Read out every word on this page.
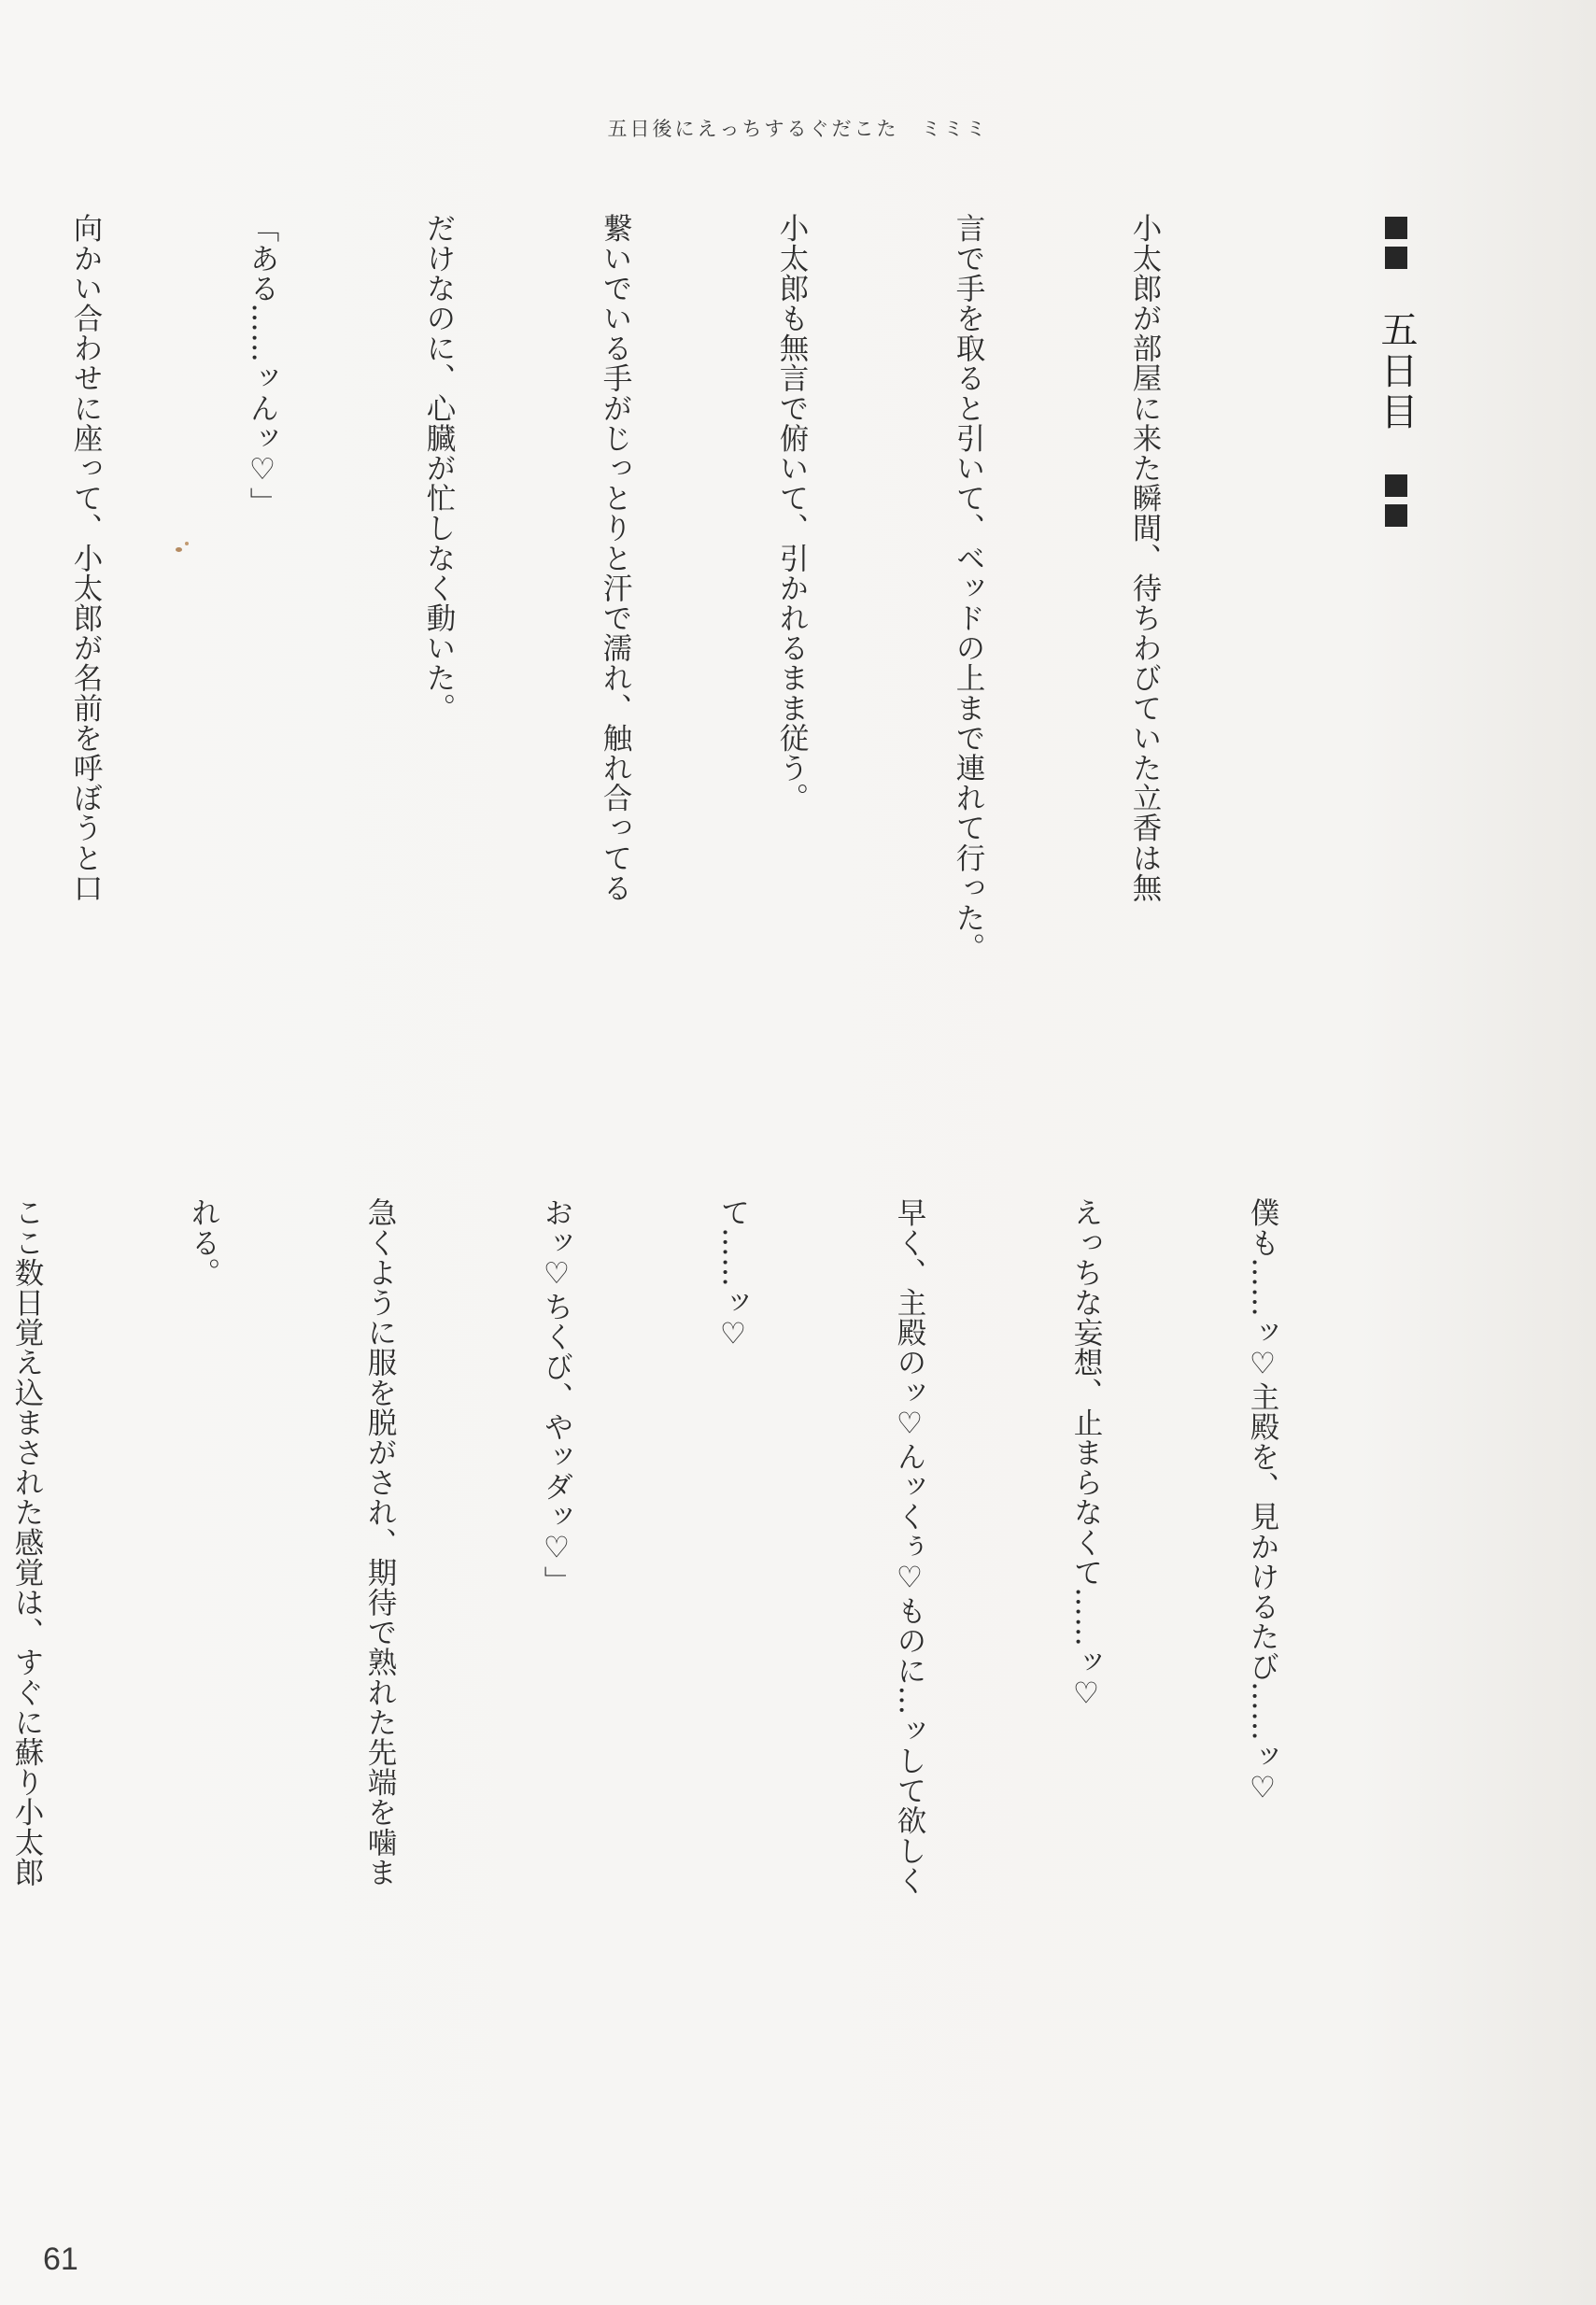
五日後にえっちするぐだこた　ミミミ
五日目

小太郎が部屋に来た瞬間、待ちわびていた立香は無

言で手を取ると引いて、ベッドの上まで連れて行った。

小太郎も無言で俯いて、引かれるまま従う。

繋いでいる手がじっとりと汗で濡れ、触れ合ってる

だけなのに、心臓が忙しなく動いた。

「ある……ッんッ♡」

向かい合わせに座って、小太郎が名前を呼ぼうと口

僕も……ッ♡主殿を、見かけるたび……ッ♡

えっちな妄想、止まらなくて……ッ♡

早く、主殿のッ♡んッくぅ♡ものに…ッして欲しく

て……ッ♡

おッ♡ちくび、やッダッ♡」

急くように服を脱がされ、期待で熟れた先端を噛ま

れる。

ここ数日覚え込まされた感覚は、すぐに蘇り小太郎

61
